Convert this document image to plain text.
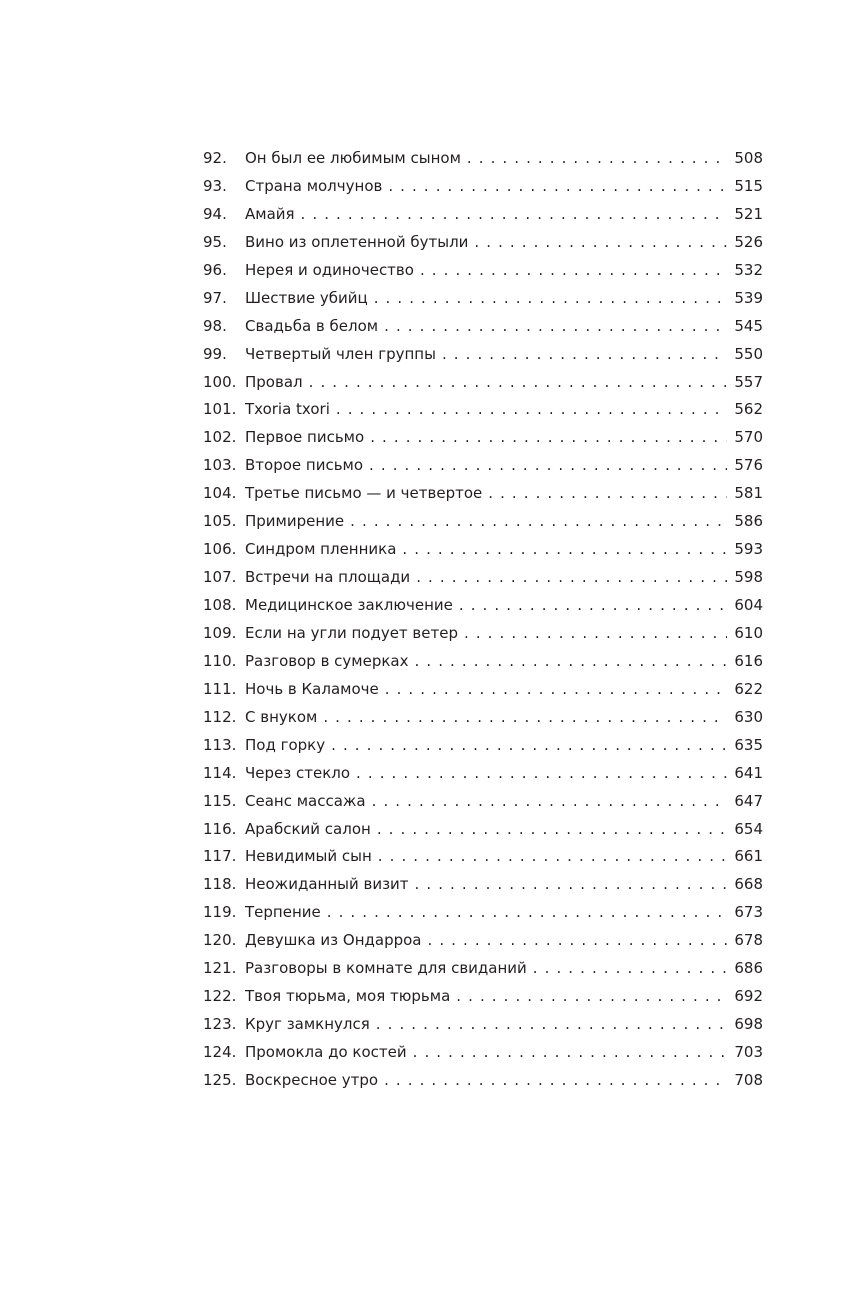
92.	Он был ее любимым сыном . . .	508
93.	Страна молчунов . . .	515
94.	Амайя . . .	521
95.	Вино из оплетенной бутыли . . .	526
96.	Нерея и одиночество . . .	532
97.	Шествие убийц . . .	539
98.	Свадьба в белом . . .	545
99.	Четвертый член группы . . .	550
100. Провал . . .	557
101. Txoria txori . . .	562
102. Первое письмо . . .	570
103. Второе письмо . . .	576
104. Третье письмо — и четвертое . . .	581
105. Примирение . . .	586
106. Синдром пленника . . .	593
107. Встречи на площади . . .	598
108. Медицинское заключение . . .	604
109. Если на угли подует ветер . . .	610
110. Разговор в сумерках . . .	616
111. Ночь в Каламоче . . .	622
112. С внуком . . .	630
113. Под горку . . .	635
114. Через стекло . . .	641
115. Сеанс массажа . . .	647
116. Арабский салон . . .	654
117. Невидимый сын . . .	661
118. Неожиданный визит . . .	668
119. Терпение . . .	673
120. Девушка из Ондарроа . . .	678
121. Разговоры в комнате для свиданий . . .	686
122. Твоя тюрьма, моя тюрьма . . .	692
123. Круг замкнулся . . .	698
124. Промокла до костей . . .	703
125. Воскресное утро . . .	708
